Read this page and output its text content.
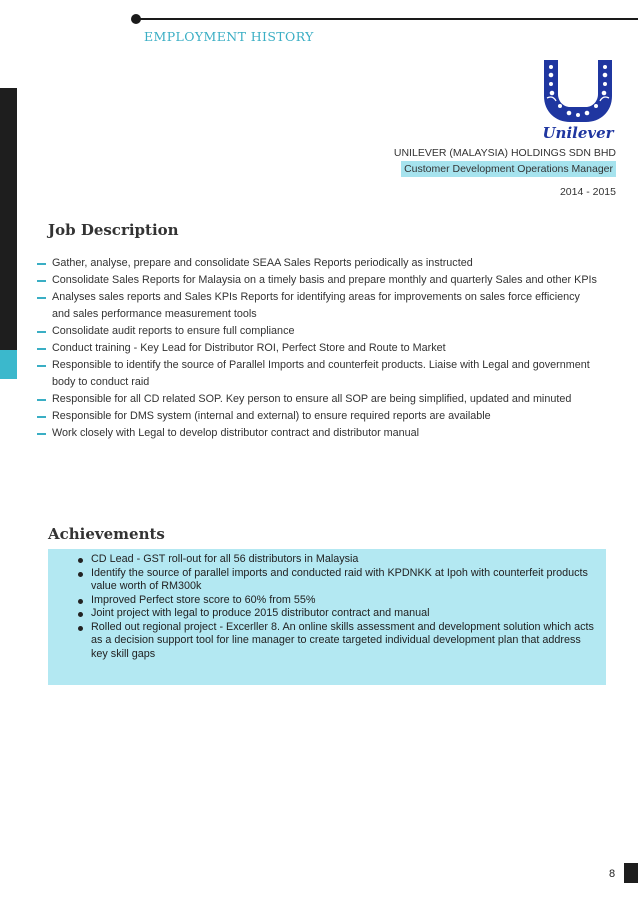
EMPLOYMENT HISTORY
Unilever
UNILEVER (MALAYSIA) HOLDINGS SDN BHD
Customer Development Operations Manager
2014 - 2015
Job Description
Gather, analyse, prepare and consolidate SEAA Sales Reports periodically as instructed
Consolidate Sales Reports for Malaysia on a timely basis and prepare monthly and quarterly Sales and other KPIs
Analyses sales reports and Sales KPIs Reports for identifying areas for improvements on sales force efficiency and sales performance measurement tools
Consolidate audit reports to ensure full compliance
Conduct training - Key Lead for Distributor ROI, Perfect Store and Route to Market
Responsible to identify the source of Parallel Imports and counterfeit products. Liaise with Legal and government body to conduct raid
Responsible for all CD related SOP. Key person to ensure all SOP are being simplified, updated and minuted
Responsible for DMS system (internal and external) to ensure required reports are available
Work closely with Legal to develop distributor contract and distributor manual
Achievements
CD Lead - GST roll-out for all 56 distributors in Malaysia
Identify the source of parallel imports and conducted raid with KPDNKK at Ipoh with counterfeit products value worth of RM300k
Improved Perfect store score to 60% from 55%
Joint project with legal to produce 2015 distributor contract and manual
Rolled out regional project - Excerller 8. An online skills assessment and development solution which acts as a decision support tool for line manager to create targeted individual development plan that address key skill gaps
8
